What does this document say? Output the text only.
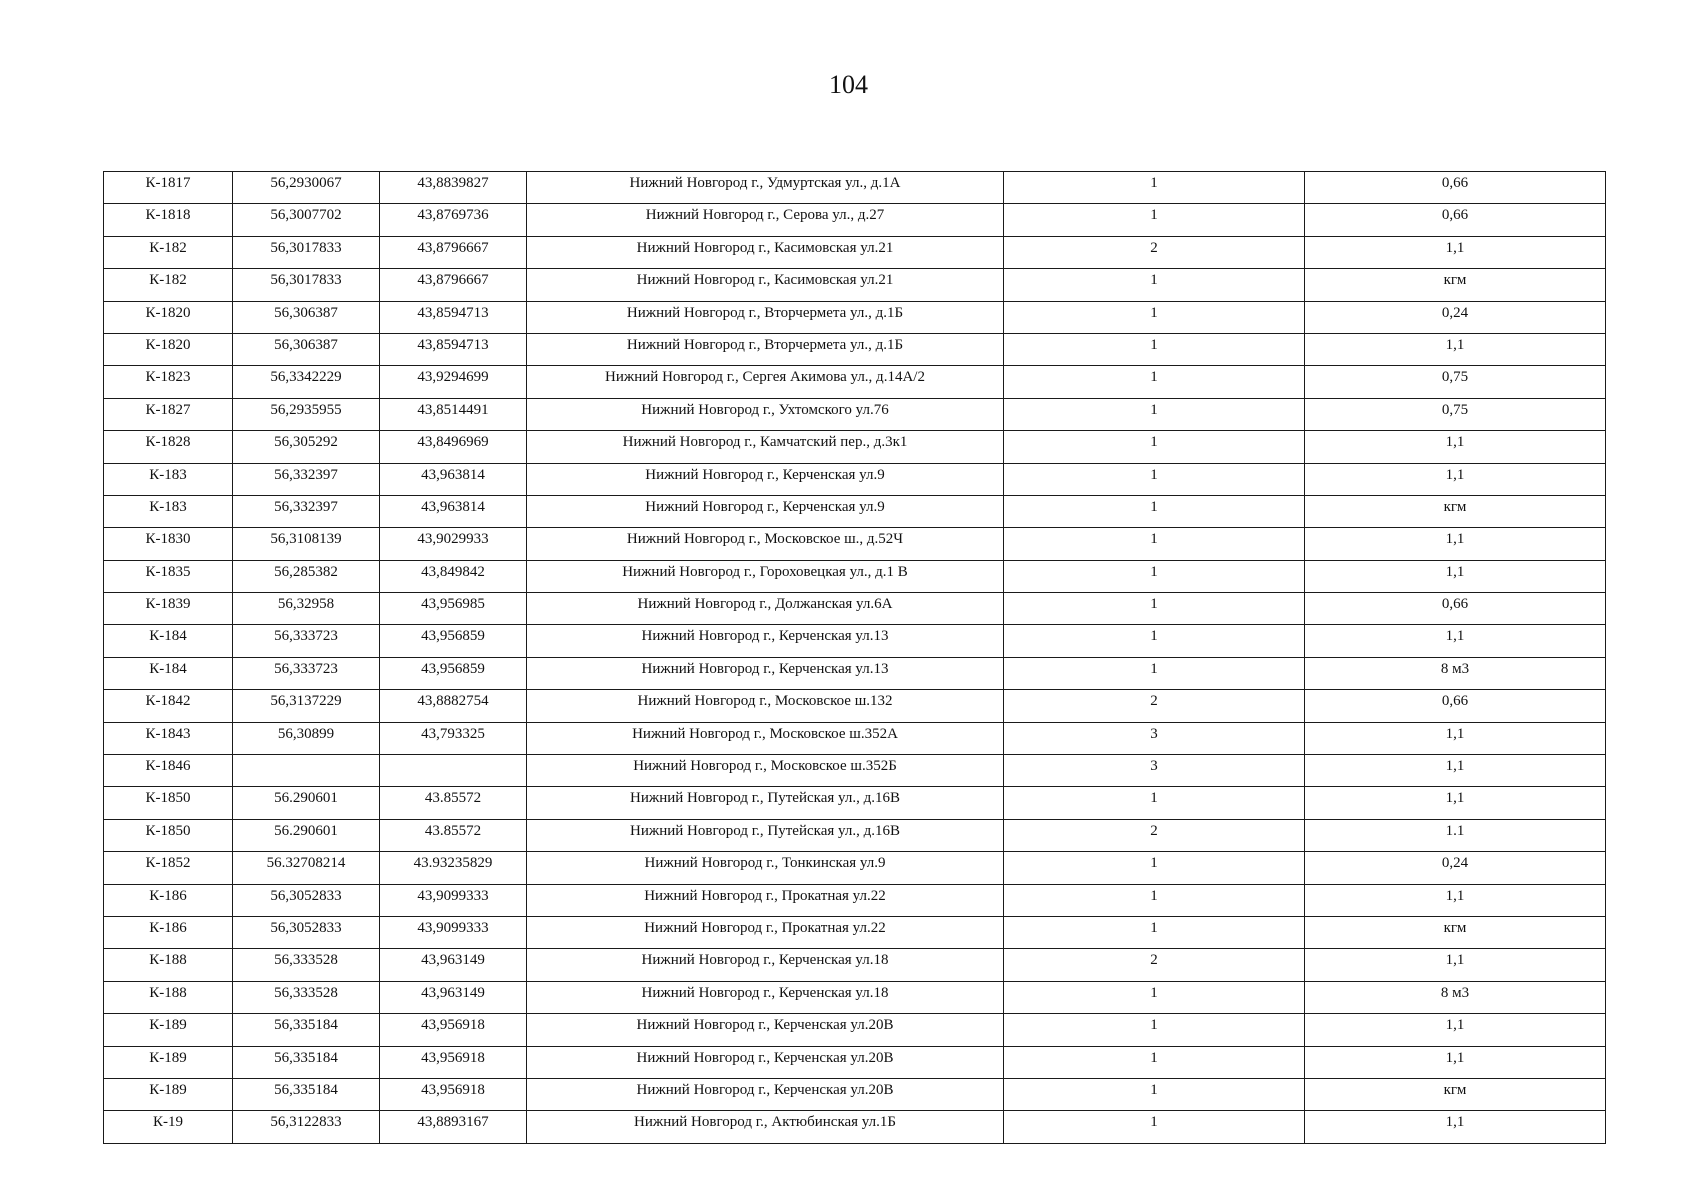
104
К-1817	56,2930067	43,8839827	Нижний Новгород г., Удмуртская ул., д.1А	1	0,66
К-1818	56,3007702	43,8769736	Нижний Новгород г., Серова ул., д.27	1	0,66
К-182	56,3017833	43,8796667	Нижний Новгород г., Касимовская ул.21	2	1,1
К-182	56,3017833	43,8796667	Нижний Новгород г., Касимовская ул.21	1	кгм
К-1820	56,306387	43,8594713	Нижний Новгород г., Вторчермета ул., д.1Б	1	0,24
К-1820	56,306387	43,8594713	Нижний Новгород г., Вторчермета ул., д.1Б	1	1,1
К-1823	56,3342229	43,9294699	Нижний Новгород г., Сергея Акимова ул., д.14А/2	1	0,75
К-1827	56,2935955	43,8514491	Нижний Новгород г., Ухтомского ул.76	1	0,75
К-1828	56,305292	43,8496969	Нижний Новгород г., Камчатский пер., д.3к1	1	1,1
К-183	56,332397	43,963814	Нижний Новгород г., Керченская ул.9	1	1,1
К-183	56,332397	43,963814	Нижний Новгород г., Керченская ул.9	1	кгм
К-1830	56,3108139	43,9029933	Нижний Новгород г., Московское ш., д.52Ч	1	1,1
К-1835	56,285382	43,849842	Нижний Новгород г., Гороховецкая ул., д.1 В	1	1,1
К-1839	56,32958	43,956985	Нижний Новгород г., Должанская ул.6А	1	0,66
К-184	56,333723	43,956859	Нижний Новгород г., Керченская ул.13	1	1,1
К-184	56,333723	43,956859	Нижний Новгород г., Керченская ул.13	1	8 м3
К-1842	56,3137229	43,8882754	Нижний Новгород г., Московское ш.132	2	0,66
К-1843	56,30899	43,793325	Нижний Новгород г., Московское ш.352А	3	1,1
К-1846			Нижний Новгород г., Московское ш.352Б	3	1,1
К-1850	56.290601	43.85572	Нижний Новгород г., Путейская ул., д.16В	1	1,1
К-1850	56.290601	43.85572	Нижний Новгород г., Путейская ул., д.16В	2	1.1
К-1852	56.32708214	43.93235829	Нижний Новгород г., Тонкинская ул.9	1	0,24
К-186	56,3052833	43,9099333	Нижний Новгород г., Прокатная ул.22	1	1,1
К-186	56,3052833	43,9099333	Нижний Новгород г., Прокатная ул.22	1	кгм
К-188	56,333528	43,963149	Нижний Новгород г., Керченская ул.18	2	1,1
К-188	56,333528	43,963149	Нижний Новгород г., Керченская ул.18	1	8 м3
К-189	56,335184	43,956918	Нижний Новгород г., Керченская ул.20В	1	1,1
К-189	56,335184	43,956918	Нижний Новгород г., Керченская ул.20В	1	1,1
К-189	56,335184	43,956918	Нижний Новгород г., Керченская ул.20В	1	кгм
К-19	56,3122833	43,8893167	Нижний Новгород г., Актюбинская ул.1Б	1	1,1
